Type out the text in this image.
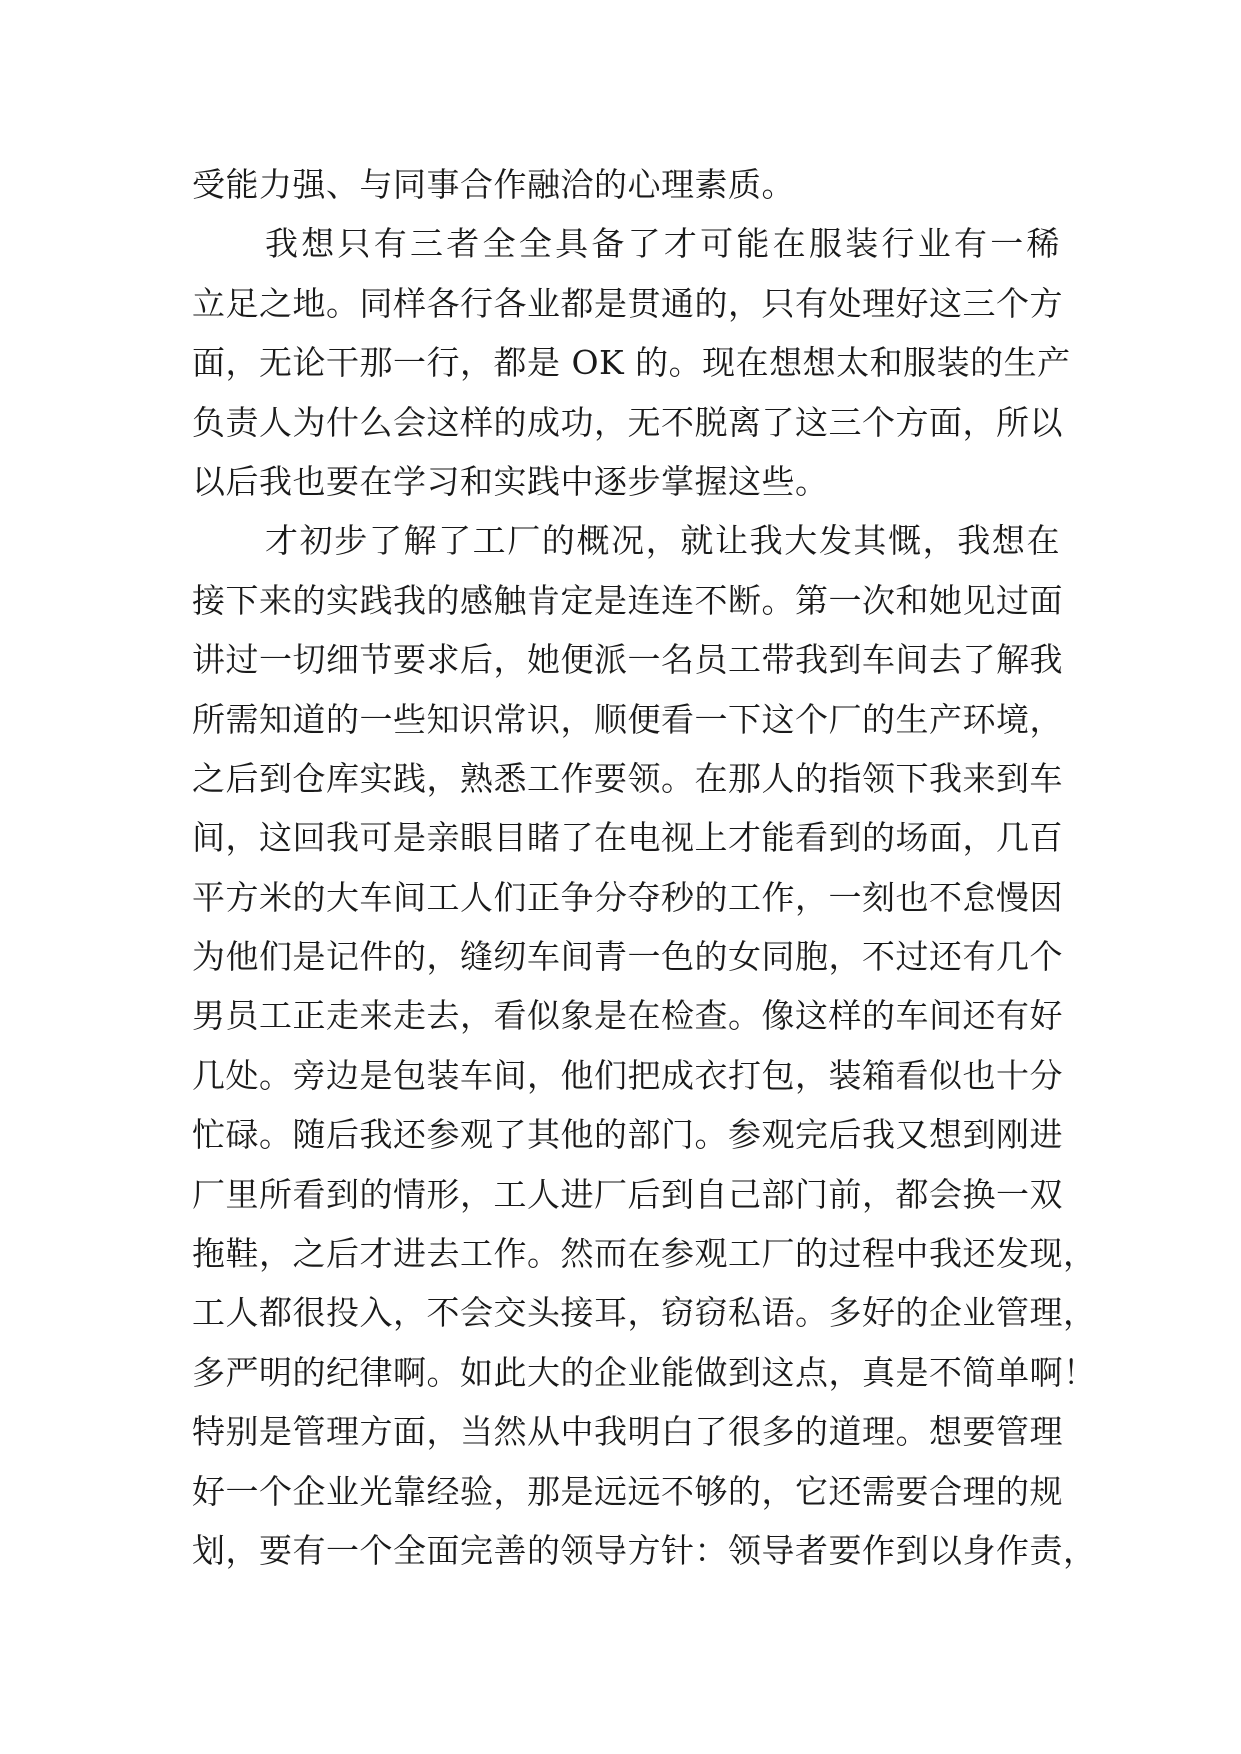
受能力强、与同事合作融洽的心理素质。
我想只有三者全全具备了才可能在服装行业有一稀
立足之地。同样各行各业都是贯通的，只有处理好这三个方
面，无论干那一行，都是 OK 的。现在想想太和服装的生产
负责人为什么会这样的成功，无不脱离了这三个方面，所以
以后我也要在学习和实践中逐步掌握这些。
才初步了解了工厂的概况，就让我大发其慨，我想在
接下来的实践我的感触肯定是连连不断。第一次和她见过面
讲过一切细节要求后，她便派一名员工带我到车间去了解我
所需知道的一些知识常识，顺便看一下这个厂的生产环境，
之后到仓库实践，熟悉工作要领。在那人的指领下我来到车
间，这回我可是亲眼目睹了在电视上才能看到的场面，几百
平方米的大车间工人们正争分夺秒的工作，一刻也不怠慢因
为他们是记件的，缝纫车间青一色的女同胞，不过还有几个
男员工正走来走去，看似象是在检查。像这样的车间还有好
几处。旁边是包装车间，他们把成衣打包，装箱看似也十分
忙碌。随后我还参观了其他的部门。参观完后我又想到刚进
厂里所看到的情形，工人进厂后到自己部门前，都会换一双
拖鞋，之后才进去工作。然而在参观工厂的过程中我还发现，
工人都很投入，不会交头接耳，窃窃私语。多好的企业管理，
多严明的纪律啊。如此大的企业能做到这点，真是不简单啊！
特别是管理方面，当然从中我明白了很多的道理。想要管理
好一个企业光靠经验，那是远远不够的，它还需要合理的规
划，要有一个全面完善的领导方针：领导者要作到以身作责，
